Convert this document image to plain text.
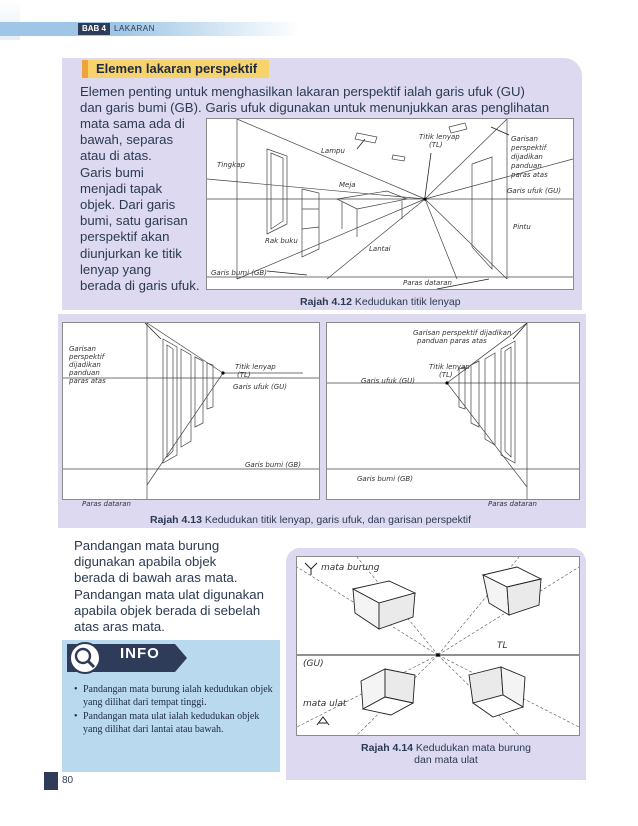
BAB 4 LAKARAN
Elemen lakaran perspektif
Elemen penting untuk menghasilkan lakaran perspektif ialah garis ufuk (GU)
dan garis bumi (GB). Garis ufuk digunakan untuk menunjukkan aras penglihatan
mata sama ada di
bawah, separas
atau di atas.
Garis bumi
menjadi tapak
objek. Dari garis
bumi, satu garisan
perspektif akan
diunjurkan ke titik
lenyap yang
berada di garis ufuk.
Titik lenyap
(TL)
Lampu
Tingkap
Meja
Rak buku
Lantai
Pintu
Garisan
perspektif
dijadikan
panduan
paras atas
Garis ufuk (GU)
Garis bumi (GB)
Paras dataran
Rajah 4.12 Kedudukan titik lenyap
Garisan
perspektif
dijadikan
panduan
paras atas
Titik lenyap
(TL)
Garis ufuk (GU)
Garis bumi (GB)
Paras dataran
Garisan perspektif dijadikan
panduan paras atas
Titik lenyap
(TL)
Garis ufuk (GU)
Garis bumi (GB)
Paras dataran
Rajah 4.13 Kedudukan titik lenyap, garis ufuk, dan garisan perspektif
Pandangan mata burung
digunakan apabila objek
berada di bawah aras mata.
Pandangan mata ulat digunakan
apabila objek berada di sebelah
atas aras mata.
INFO
• Pandangan mata burung ialah kedudukan objek yang dilihat dari tempat tinggi.
• Pandangan mata ulat ialah kedudukan objek yang dilihat dari lantai atau bawah.
mata burung
TL
(GU)
mata ulat
Rajah 4.14 Kedudukan mata burung
dan mata ulat
80
